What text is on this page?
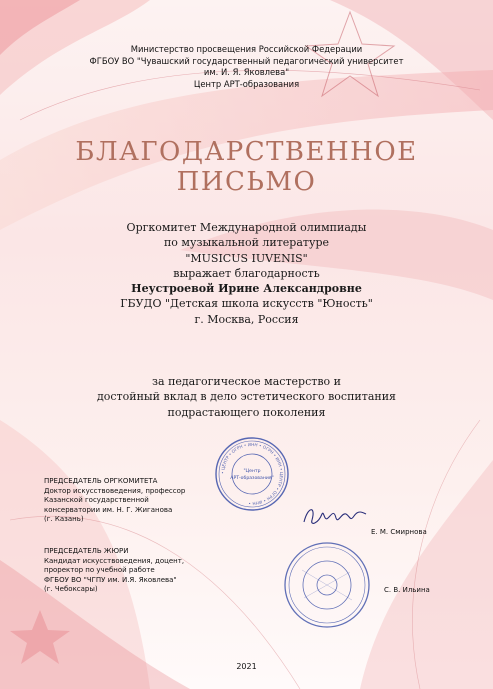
Министерство просвещения Российской Федерации
ФГБОУ ВО "Чувашский государственный педагогический университет
им. И. Я. Яковлева"
Центр АРТ-образования
БЛАГОДАРСТВЕННОЕ
ПИСЬМО
Оргкомитет Международной олимпиады
по музыкальной литературе
"MUSICUS IUVENIS"
выражает благодарность
Неустроевой Ирине Александровне
ГБУДО "Детская школа искусств "Юность"
г. Москва, Россия
за педагогическое мастерство и
достойный вклад в дело эстетического воспитания
подрастающего поколения
• ЦЕНТР • ОГРН • ИНН • ОГРН • ИНН • ЦЕНТР • ОГРН • ИНН •
"Центр
АРТ-образования"
ПРЕДСЕДАТЕЛЬ ОРГКОМИТЕТА
Доктор искусствоведения, профессор
Казанской государственной
консерватории им. Н. Г. Жиганова
(г. Казань)
Е. М. Смирнова
ПРЕДСЕДАТЕЛЬ ЖЮРИ
Кандидат искусствоведения, доцент,
проректор по учебной работе
ФГБОУ ВО "ЧГПУ им. И.Я. Яковлева"
(г. Чебоксары)	С. В. Ильина
2021
